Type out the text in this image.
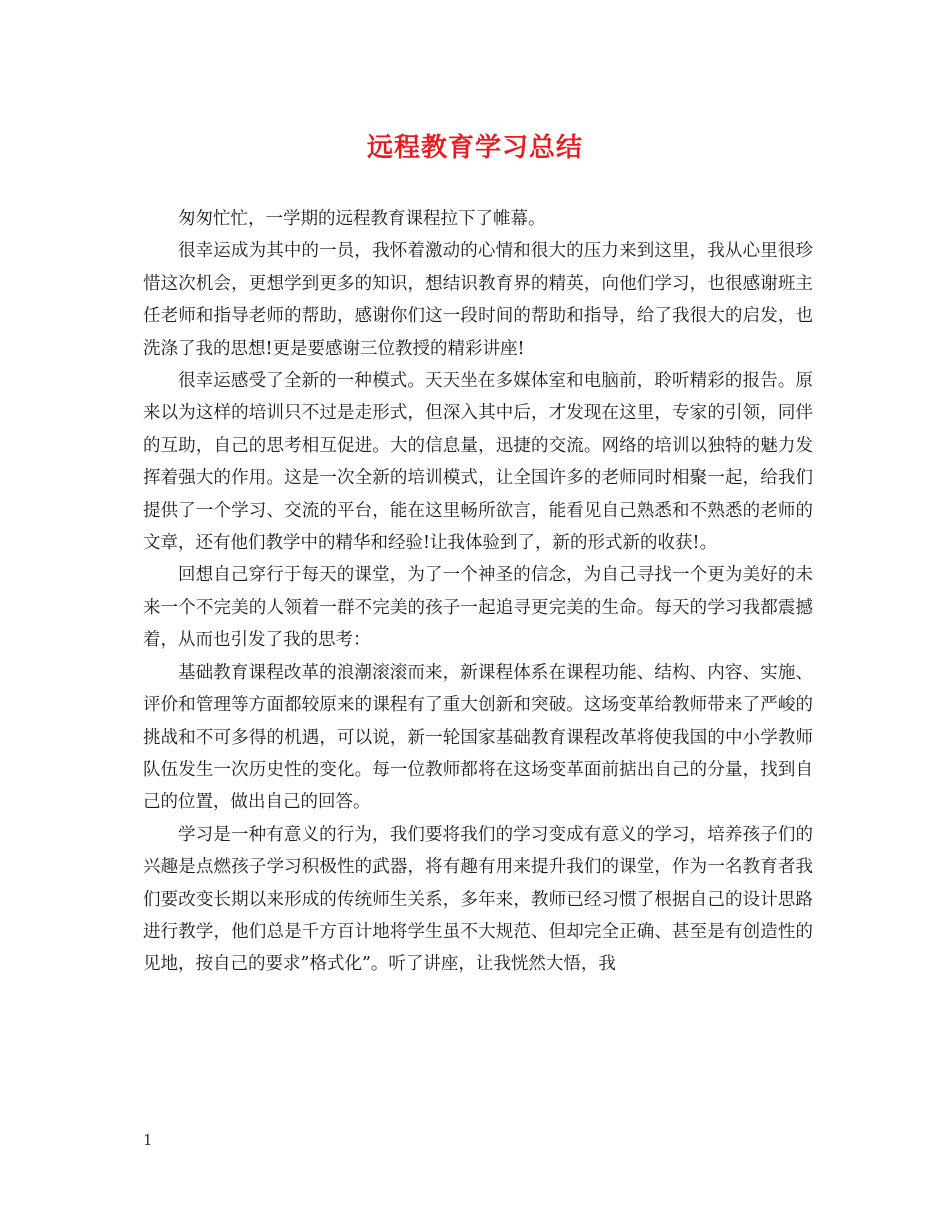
远程教育学习总结

匆匆忙忙，一学期的远程教育课程拉下了帷幕。

很幸运成为其中的一员，我怀着激动的心情和很大的压力来到这里，我从心里很珍惜这次机会，更想学到更多的知识，想结识教育界的精英，向他们学习，也很感谢班主任老师和指导老师的帮助，感谢你们这一段时间的帮助和指导，给了我很大的启发，也洗涤了我的思想!更是要感谢三位教授的精彩讲座!

很幸运感受了全新的一种模式。天天坐在多媒体室和电脑前，聆听精彩的报告。原来以为这样的培训只不过是走形式，但深入其中后，才发现在这里，专家的引领，同伴的互助，自己的思考相互促进。大的信息量，迅捷的交流。网络的培训以独特的魅力发挥着强大的作用。这是一次全新的培训模式，让全国许多的老师同时相聚一起，给我们提供了一个学习、交流的平台，能在这里畅所欲言，能看见自己熟悉和不熟悉的老师的文章，还有他们教学中的精华和经验!让我体验到了，新的形式新的收获!。

回想自己穿行于每天的课堂，为了一个神圣的信念，为自己寻找一个更为美好的未来一个不完美的人领着一群不完美的孩子一起追寻更完美的生命。每天的学习我都震撼着，从而也引发了我的思考：

基础教育课程改革的浪潮滚滚而来，新课程体系在课程功能、结构、内容、实施、评价和管理等方面都较原来的课程有了重大创新和突破。这场变革给教师带来了严峻的挑战和不可多得的机遇，可以说，新一轮国家基础教育课程改革将使我国的中小学教师队伍发生一次历史性的变化。每一位教师都将在这场变革面前掂出自己的分量，找到自己的位置，做出自己的回答。

学习是一种有意义的行为，我们要将我们的学习变成有意义的学习，培养孩子们的兴趣是点燃孩子学习积极性的武器，将有趣有用来提升我们的课堂，作为一名教育者我们要改变长期以来形成的传统师生关系，多年来，教师已经习惯了根据自己的设计思路进行教学，他们总是千方百计地将学生虽不大规范、但却完全正确、甚至是有创造性的见地，按自己的要求”格式化”。听了讲座，让我恍然大悟，我

1
